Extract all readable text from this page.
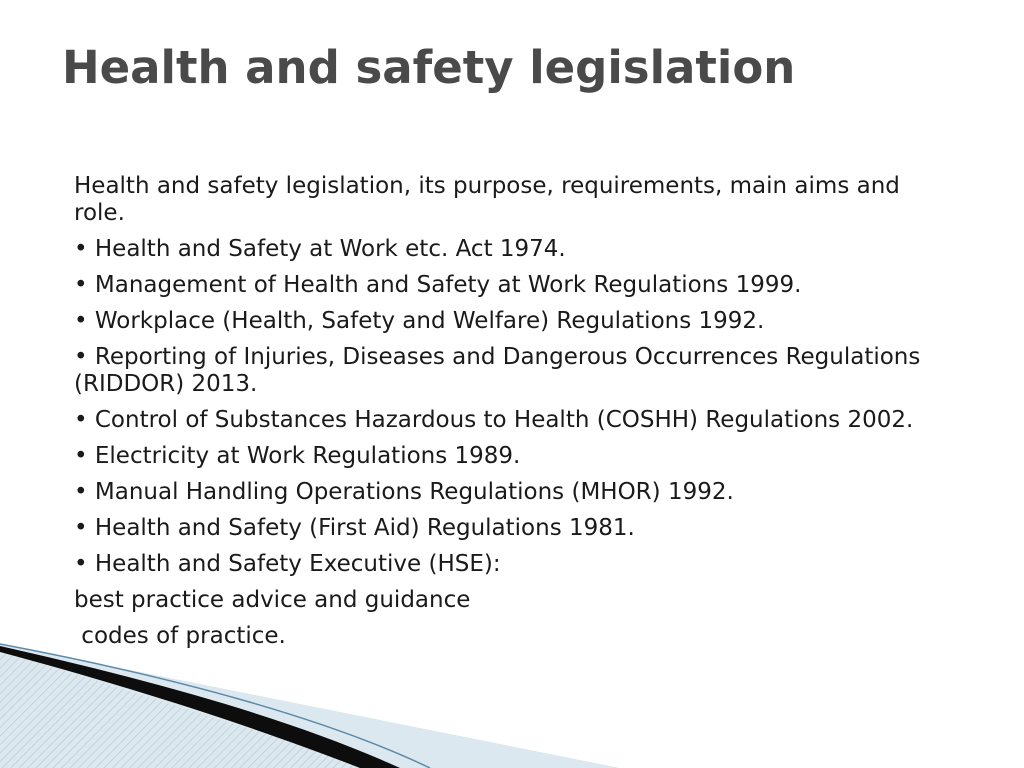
Health and safety legislation

Health and safety legislation, its purpose, requirements, main aims and role.

• Health and Safety at Work etc. Act 1974.

• Management of Health and Safety at Work Regulations 1999.

• Workplace (Health, Safety and Welfare) Regulations 1992.

• Reporting of Injuries, Diseases and Dangerous Occurrences Regulations (RIDDOR) 2013.

• Control of Substances Hazardous to Health (COSHH) Regulations 2002.

• Electricity at Work Regulations 1989.

• Manual Handling Operations Regulations (MHOR) 1992.

• Health and Safety (First Aid) Regulations 1981.

• Health and Safety Executive (HSE):

best practice advice and guidance

codes of practice.
